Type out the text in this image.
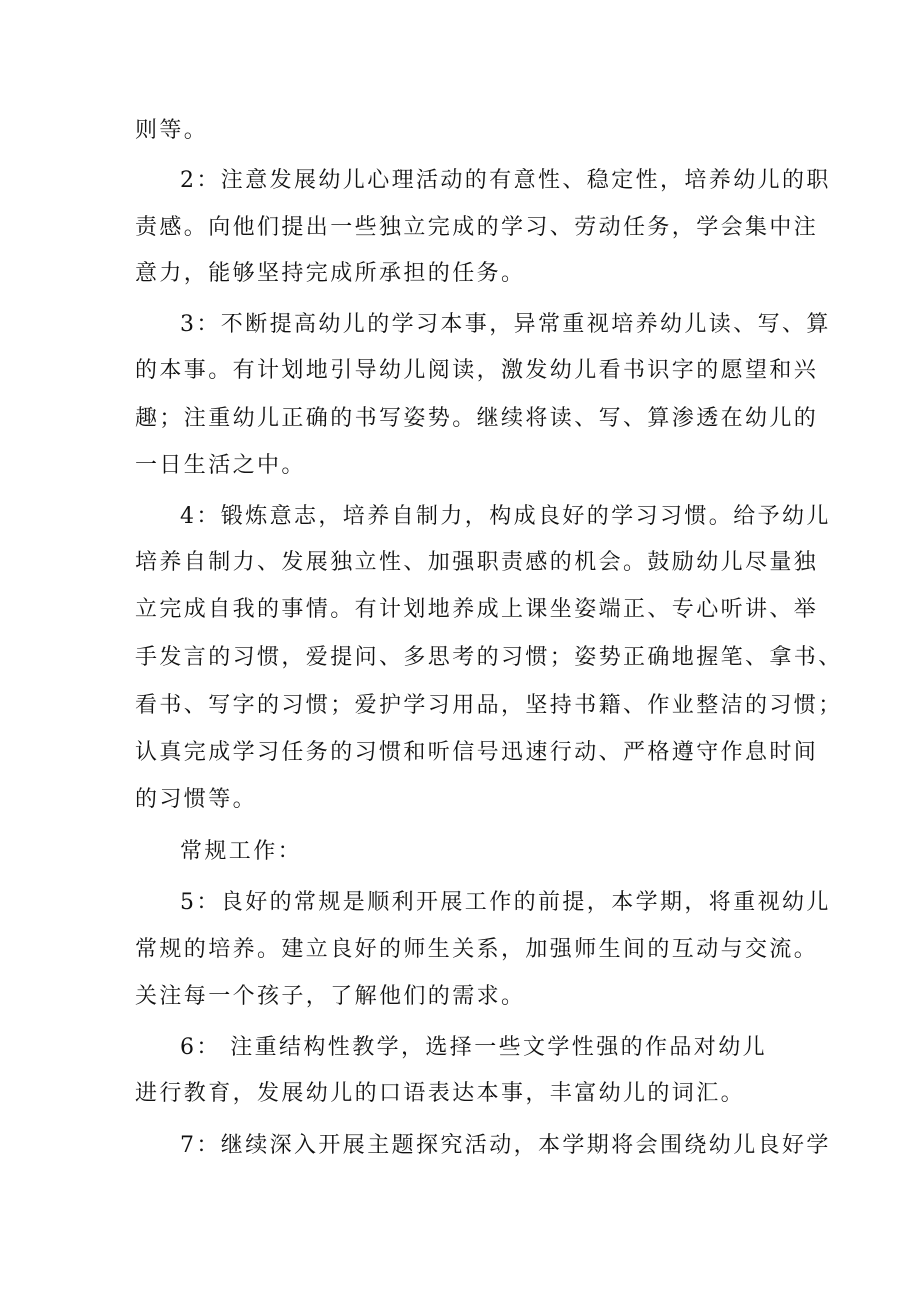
则等。
2：注意发展幼儿心理活动的有意性、稳定性，培养幼儿的职
责感。向他们提出一些独立完成的学习、劳动任务，学会集中注
意力，能够坚持完成所承担的任务。
3：不断提高幼儿的学习本事，异常重视培养幼儿读、写、算
的本事。有计划地引导幼儿阅读，激发幼儿看书识字的愿望和兴
趣；注重幼儿正确的书写姿势。继续将读、写、算渗透在幼儿的
一日生活之中。
4：锻炼意志，培养自制力，构成良好的学习习惯。给予幼儿
培养自制力、发展独立性、加强职责感的机会。鼓励幼儿尽量独
立完成自我的事情。有计划地养成上课坐姿端正、专心听讲、举
手发言的习惯，爱提问、多思考的习惯；姿势正确地握笔、拿书、
看书、写字的习惯；爱护学习用品，坚持书籍、作业整洁的习惯；
认真完成学习任务的习惯和听信号迅速行动、严格遵守作息时间
的习惯等。
常规工作：
5：良好的常规是顺利开展工作的前提，本学期，将重视幼儿
常规的培养。建立良好的师生关系，加强师生间的互动与交流。
关注每一个孩子，了解他们的需求。
6： 注重结构性教学，选择一些文学性强的作品对幼儿
进行教育，发展幼儿的口语表达本事，丰富幼儿的词汇。
7：继续深入开展主题探究活动，本学期将会围绕幼儿良好学
